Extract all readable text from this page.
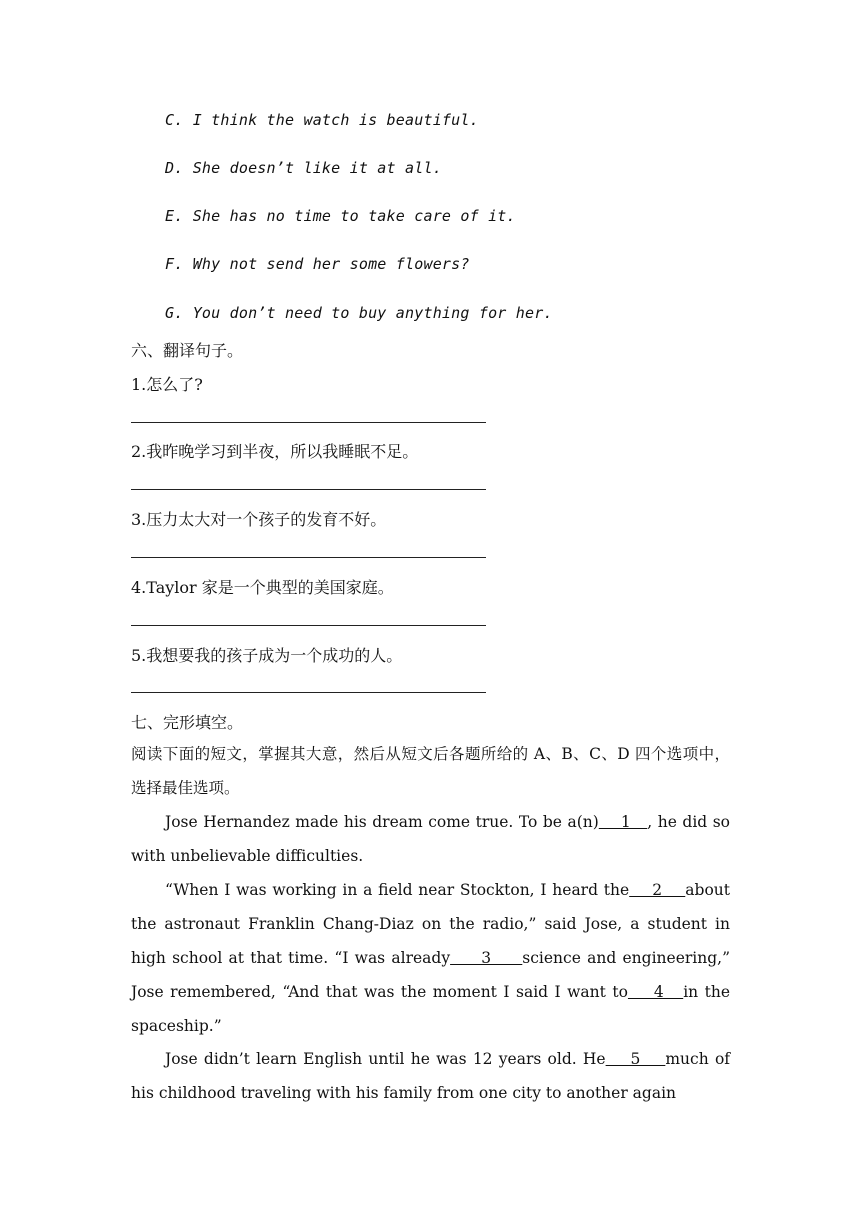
C. I think the watch is beautiful.
D. She doesn’t like it at all.
E. She has no time to take care of it.
F. Why not send her some flowers?
G. You don’t need to buy anything for her.
六、翻译句子。
1.怎么了?
2.我昨晚学习到半夜，所以我睡眠不足。
3.压力太大对一个孩子的发育不好。
4.Taylor 家是一个典型的美国家庭。
5.我想要我的孩子成为一个成功的人。
七、完形填空。
阅读下面的短文，掌握其大意，然后从短文后各题所给的 A、B、C、D 四个选项中，选择最佳选项。
Jose Hernandez made his dream come true. To be a(n)    1   , he did so with unbelievable difficulties.
“When I was working in a field near Stockton, I heard the    2    about the astronaut Franklin Chang-Diaz on the radio,” said Jose, a student in high school at that time. “I was already     3     science and engineering,” Jose remembered, “And that was the moment I said I want to    4   in the spaceship.”
Jose didn’t learn English until he was 12 years old. He    5    much of his childhood traveling with his family from one city to another again
